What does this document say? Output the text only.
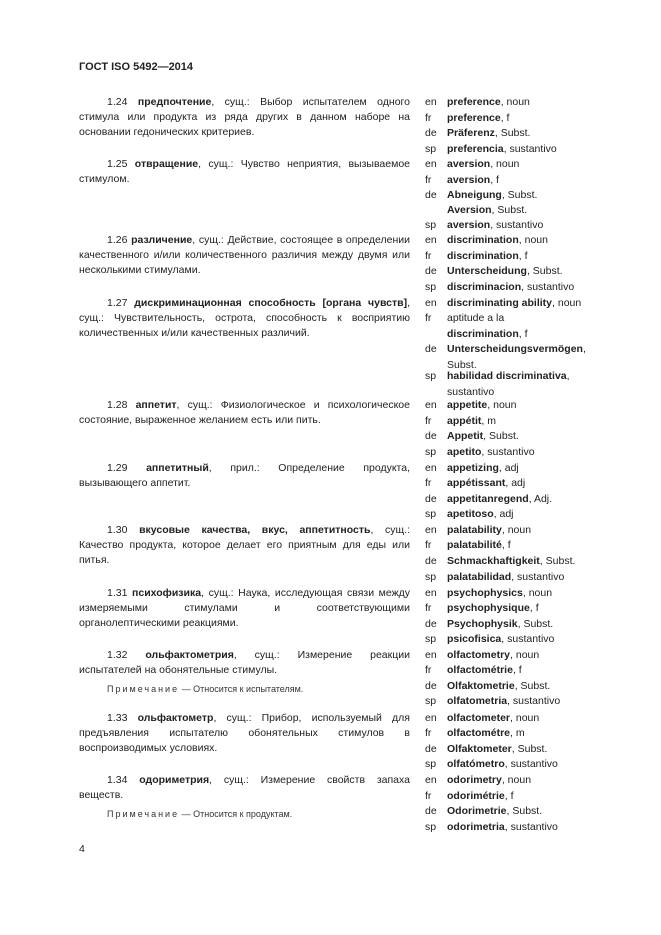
ГОСТ ISO 5492—2014

1.24 предпочтение, сущ.: Выбор испытателем одного стимула или продукта из ряда других в данном наборе на основании гедонических критериев.

1.25 отвращение, сущ.: Чувство неприятия, вызываемое стимулом.

1.26 различение, сущ.: Действие, состоящее в определении качественного и/или количественного различия между двумя или несколькими стимулами.

1.27 дискриминационная способность [органа чувств], сущ.: Чувствительность, острота, способность к восприятию количественных и/или качественных различий.

1.28 аппетит, сущ.: Физиологическое и психологическое состояние, выраженное желанием есть или пить.

1.29 аппетитный, прил.: Определение продукта, вызывающего аппетит.

1.30 вкусовые качества, вкус, аппетитность, сущ.: Качество продукта, которое делает его приятным для еды или питья.

1.31 психофизика, сущ.: Наука, исследующая связи между измеряемыми стимулами и соответствующими органолептическими реакциями.

1.32 ольфактометрия, сущ.: Измерение реакции испытателей на обонятельные стимулы.

Примечание — Относится к испытателям.

1.33 ольфактометр, сущ.: Прибор, используемый для предъявления испытателю обонятельных стимулов в воспроизводимых условиях.

1.34 одориметрия, сущ.: Измерение свойств запаха веществ.

Примечание — Относится к продуктам.

en preference, noun
fr	preference, f
de Präferenz, Subst.
sp	preferencia, sustantivo
en aversion, noun
fr	aversion, f
de Abneigung, Subst.
Aversion, Subst.
sp	aversion, sustantivo
en discrimination, noun
fr	discrimination, f
de Unterscheidung, Subst.
sp	discriminacion, sustantivo
en discriminating ability, noun
fr	aptitude a la
discrimination, f
de Unterscheidungsvermögen, Subst.
sp	habilidad discriminativa, sustantivo
en appetite, noun
fr	appétit, m
de Appetit, Subst.
sp	apetito, sustantivo
en appetizing, adj
fr	appétissant, adj
de appetitanregend, Adj.
sp	apetitoso, adj
en palatability, noun
fr	palatabilité, f
de Schmackhaftigkeit, Subst.
sp	palatabilidad, sustantivo
en psychophysics, noun
fr	psychophysique, f
de Psychophysik, Subst.
sp	psicofisica, sustantivo
en olfactometry, noun
fr	olfactométrie, f
de Olfaktometrie, Subst.
sp	olfatometria, sustantivo
en olfactometer, noun
fr	olfactométre, m
de Olfaktometer, Subst.
sp	olfatómetro, sustantivo
en odorimetry, noun
fr	odorimétrie, f
de Odorimetrie, Subst.
sp	odorimetria, sustantivo
4
